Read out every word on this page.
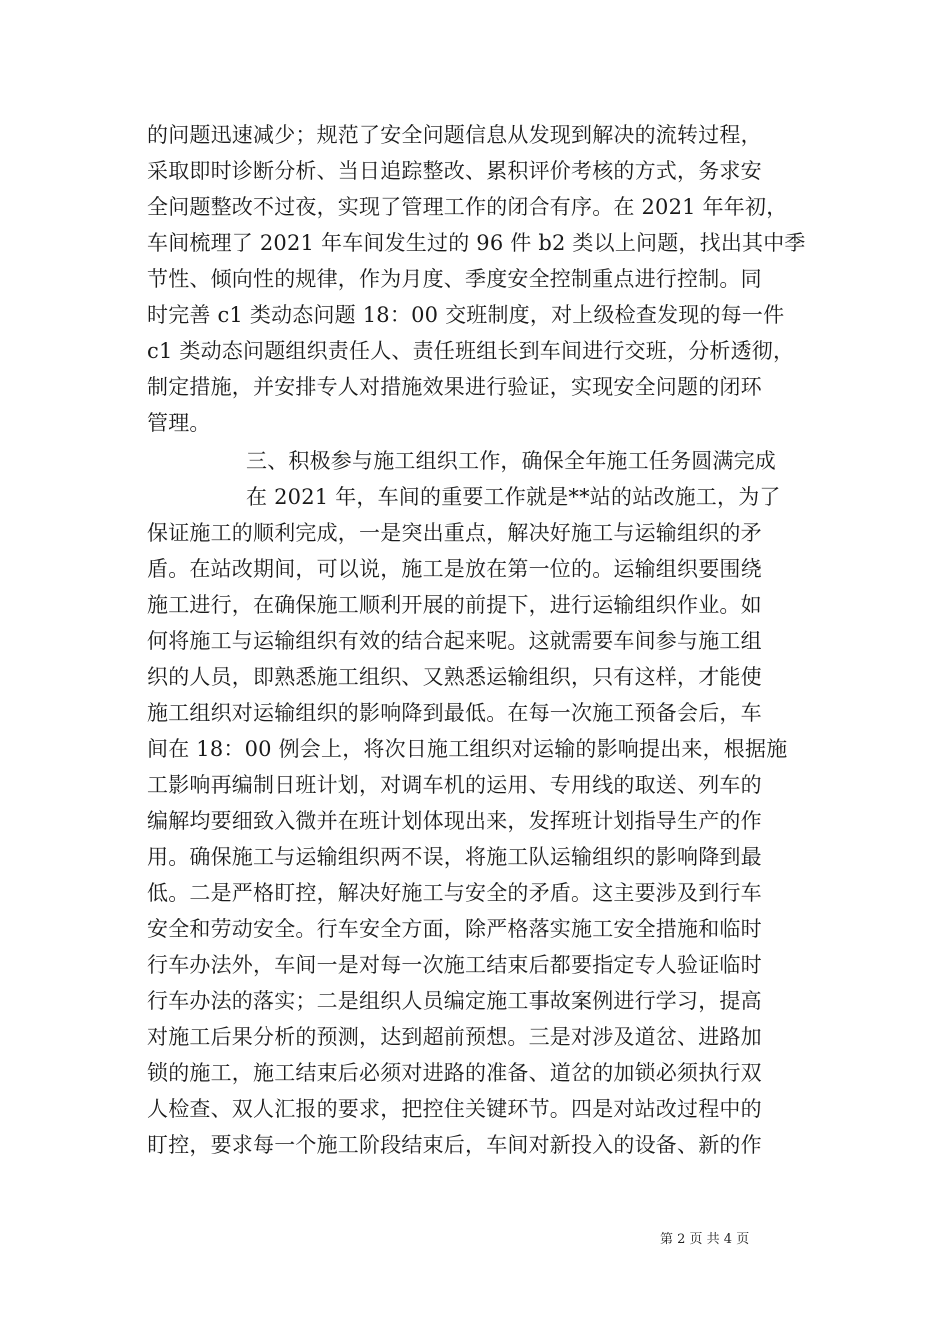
的问题迅速减少；规范了安全问题信息从发现到解决的流转过程，
采取即时诊断分析、当日追踪整改、累积评价考核的方式，务求安
全问题整改不过夜，实现了管理工作的闭合有序。在 2021 年年初，
车间梳理了 2021 年车间发生过的 96 件 b2 类以上问题，找出其中季
节性、倾向性的规律，作为月度、季度安全控制重点进行控制。同
时完善 c1 类动态问题 18：00 交班制度，对上级检查发现的每一件
c1 类动态问题组织责任人、责任班组长到车间进行交班，分析透彻，
制定措施，并安排专人对措施效果进行验证，实现安全问题的闭环
管理。
三、积极参与施工组织工作，确保全年施工任务圆满完成
在 2021 年，车间的重要工作就是**站的站改施工，为了
保证施工的顺利完成，一是突出重点，解决好施工与运输组织的矛
盾。在站改期间，可以说，施工是放在第一位的。运输组织要围绕
施工进行，在确保施工顺利开展的前提下，进行运输组织作业。如
何将施工与运输组织有效的结合起来呢。这就需要车间参与施工组
织的人员，即熟悉施工组织、又熟悉运输组织，只有这样，才能使
施工组织对运输组织的影响降到最低。在每一次施工预备会后，车
间在 18：00 例会上，将次日施工组织对运输的影响提出来，根据施
工影响再编制日班计划，对调车机的运用、专用线的取送、列车的
编解均要细致入微并在班计划体现出来，发挥班计划指导生产的作
用。确保施工与运输组织两不误，将施工队运输组织的影响降到最
低。二是严格盯控，解决好施工与安全的矛盾。这主要涉及到行车
安全和劳动安全。行车安全方面，除严格落实施工安全措施和临时
行车办法外，车间一是对每一次施工结束后都要指定专人验证临时
行车办法的落实；二是组织人员编定施工事故案例进行学习，提高
对施工后果分析的预测，达到超前预想。三是对涉及道岔、进路加
锁的施工，施工结束后必须对进路的准备、道岔的加锁必须执行双
人检查、双人汇报的要求，把控住关键环节。四是对站改过程中的
盯控，要求每一个施工阶段结束后，车间对新投入的设备、新的作
第 2 页 共 4 页
